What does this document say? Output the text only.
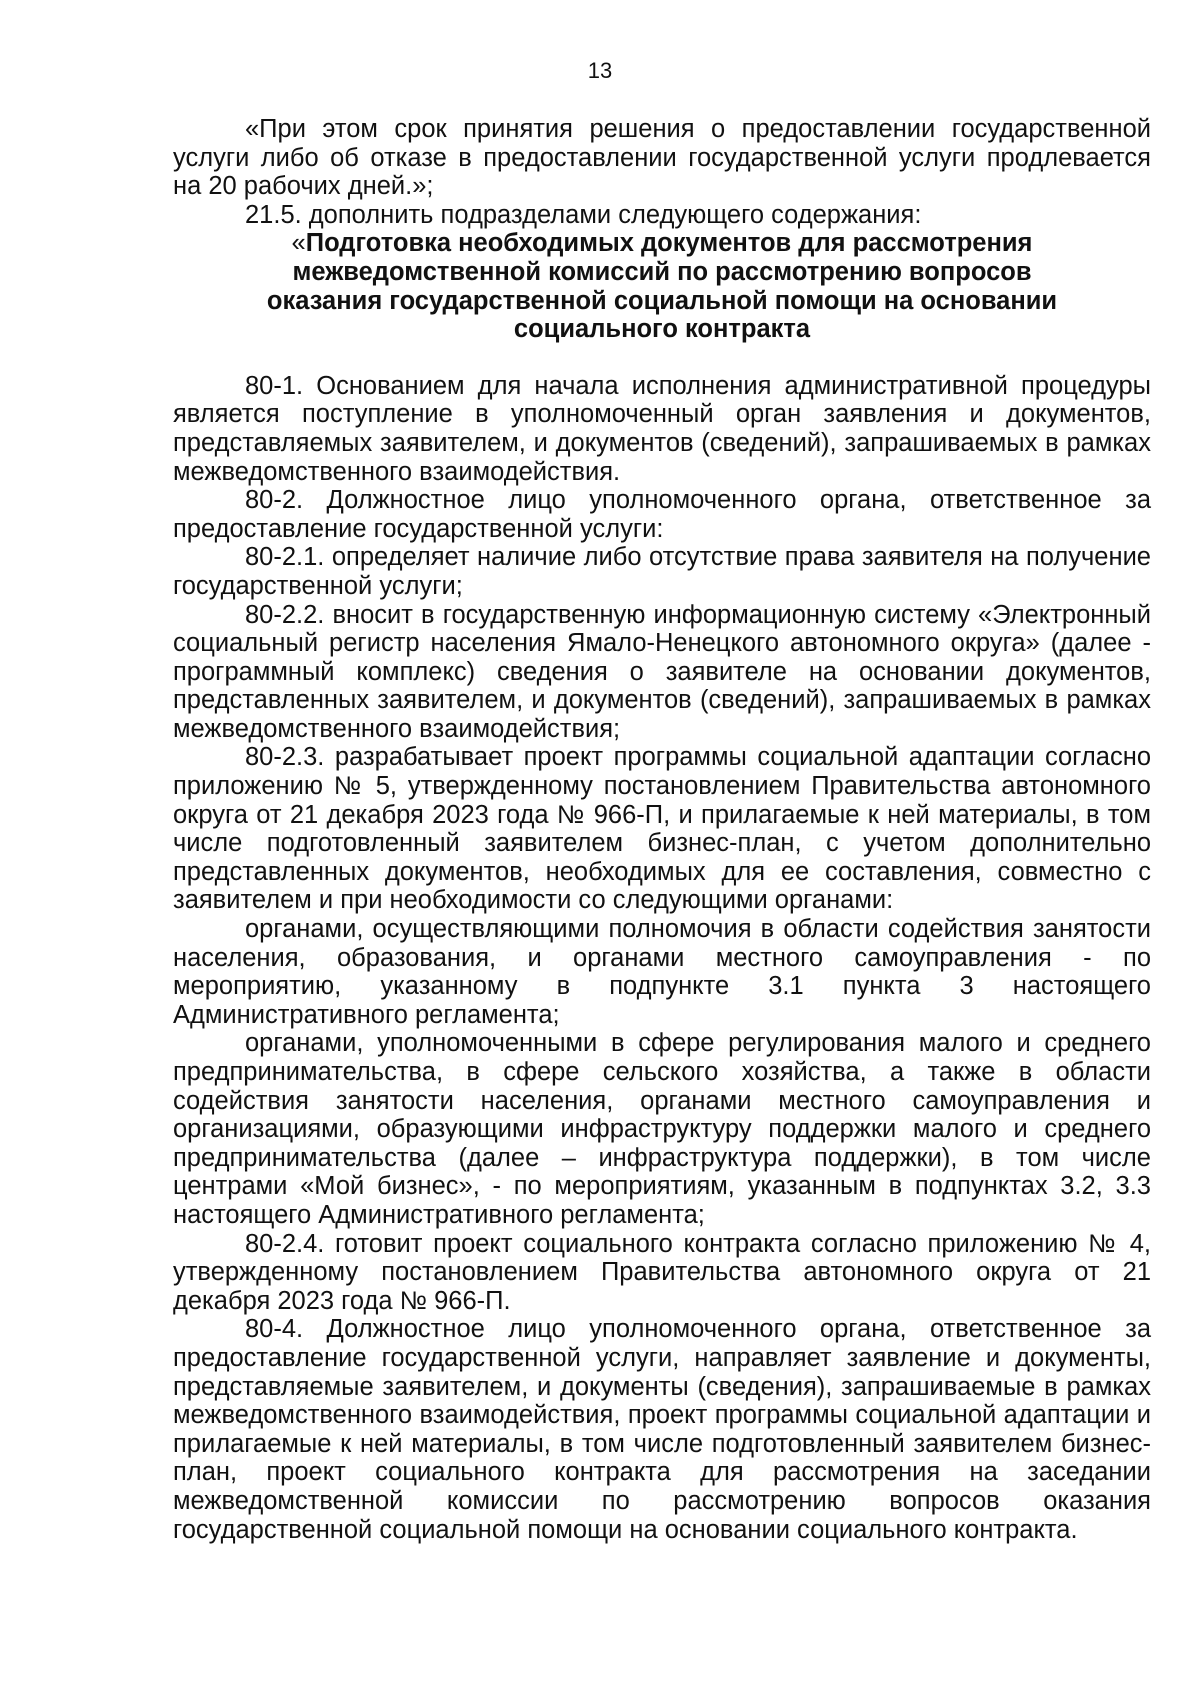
13

«При этом срок принятия решения о предоставлении государственной услуги либо об отказе в предоставлении государственной услуги продлевается на 20 рабочих дней.»;

21.5. дополнить подразделами следующего содержания:

«Подготовка необходимых документов для рассмотрения межведомственной комиссий по рассмотрению вопросов оказания государственной социальной помощи на основании социального контракта

80-1. Основанием для начала исполнения административной процедуры является поступление в уполномоченный орган заявления и документов, представляемых заявителем, и документов (сведений), запрашиваемых в рамках межведомственного взаимодействия.

80-2. Должностное лицо уполномоченного органа, ответственное за предоставление государственной услуги:

80-2.1. определяет наличие либо отсутствие права заявителя на получение государственной услуги;

80-2.2. вносит в государственную информационную систему «Электронный социальный регистр населения Ямало-Ненецкого автономного округа» (далее - программный комплекс) сведения о заявителе на основании документов, представленных заявителем, и документов (сведений), запрашиваемых в рамках межведомственного взаимодействия;

80-2.3. разрабатывает проект программы социальной адаптации согласно приложению № 5, утвержденному постановлением Правительства автономного округа от 21 декабря 2023 года № 966-П, и прилагаемые к ней материалы, в том числе подготовленный заявителем бизнес-план, с учетом дополнительно представленных документов, необходимых для ее составления, совместно с заявителем и при необходимости со следующими органами:

органами, осуществляющими полномочия в области содействия занятости населения, образования, и органами местного самоуправления - по мероприятию, указанному в подпункте 3.1 пункта 3 настоящего Административного регламента;

органами, уполномоченными в сфере регулирования малого и среднего предпринимательства, в сфере сельского хозяйства, а также в области содействия занятости населения, органами местного самоуправления и организациями, образующими инфраструктуру поддержки малого и среднего предпринимательства (далее – инфраструктура поддержки), в том числе центрами «Мой бизнес», - по мероприятиям, указанным в подпунктах 3.2, 3.3 настоящего Административного регламента;

80-2.4. готовит проект социального контракта согласно приложению № 4, утвержденному постановлением Правительства автономного округа от 21 декабря 2023 года № 966-П.

80-4. Должностное лицо уполномоченного органа, ответственное за предоставление государственной услуги, направляет заявление и документы, представляемые заявителем, и документы (сведения), запрашиваемые в рамках межведомственного взаимодействия, проект программы социальной адаптации и прилагаемые к ней материалы, в том числе подготовленный заявителем бизнес-план, проект социального контракта для рассмотрения на заседании межведомственной комиссии по рассмотрению вопросов оказания государственной социальной помощи на основании социального контракта.
